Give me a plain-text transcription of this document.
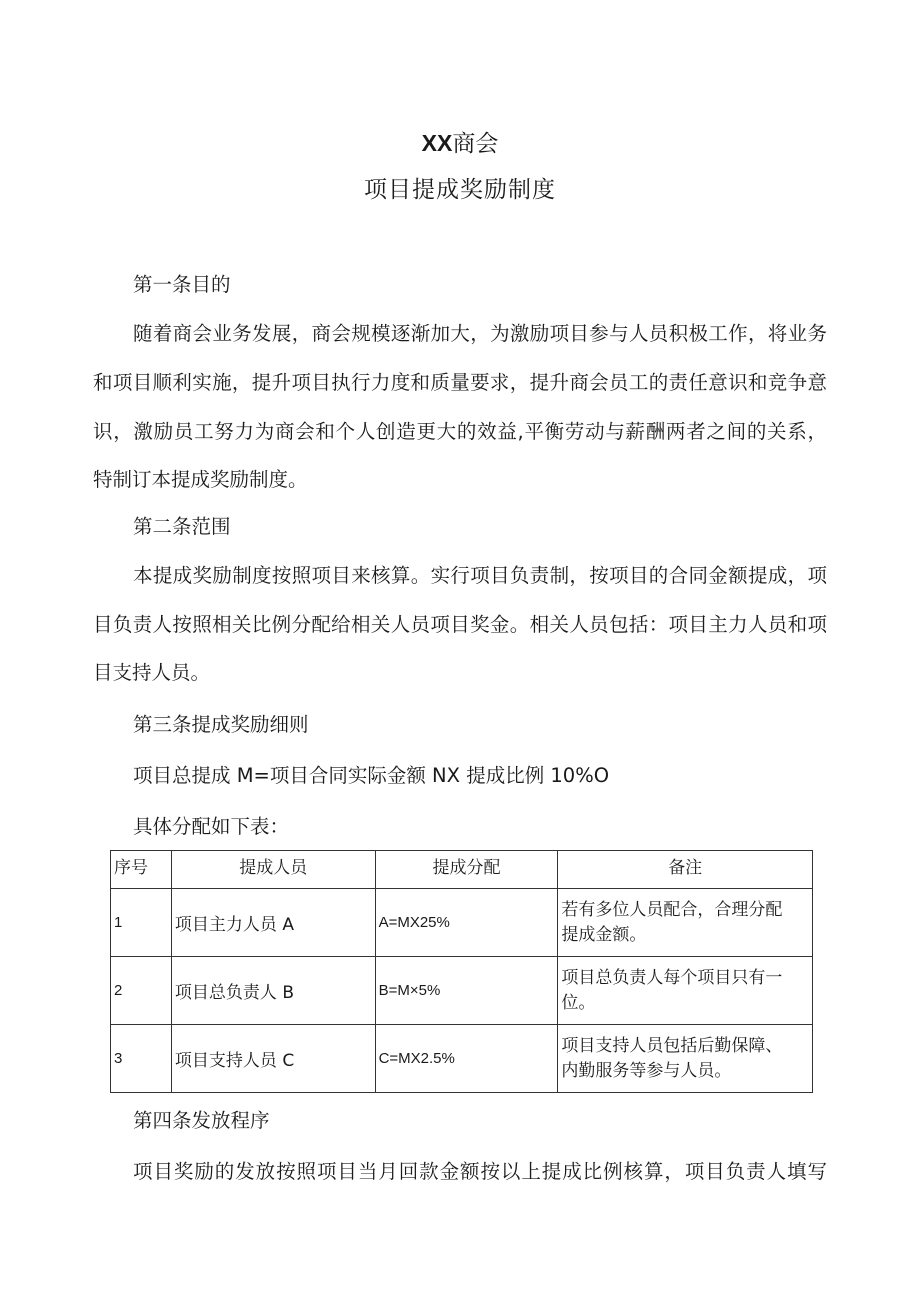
XX商会
项目提成奖励制度
第一条目的
随着商会业务发展，商会规模逐渐加大，为激励项目参与人员积极工作，将业务
和项目顺利实施，提升项目执行力度和质量要求，提升商会员工的责任意识和竞争意
识，激励员工努力为商会和个人创造更大的效益,平衡劳动与薪酬两者之间的关系，
特制订本提成奖励制度。
第二条范围
本提成奖励制度按照项目来核算。实行项目负责制，按项目的合同金额提成，项
目负责人按照相关比例分配给相关人员项目奖金。相关人员包括：项目主力人员和项
目支持人员。
第三条提成奖励细则
项目总提成 M=项目合同实际金额 NX 提成比例 10%O
具体分配如下表：
序号	提成人员	提成分配	备注
1	项目主力人员 A	A=MX25%	若有多位人员配合，合理分配
提成金额。

2	项目总负责人 B	B=M×5%	项目总负责人每个项目只有一
位。

3	项目支持人员 C	C=MX2.5%	项目支持人员包括后勤保障、
内勤服务等参与人员。
第四条发放程序
项目奖励的发放按照项目当月回款金额按以上提成比例核算，项目负责人填写
